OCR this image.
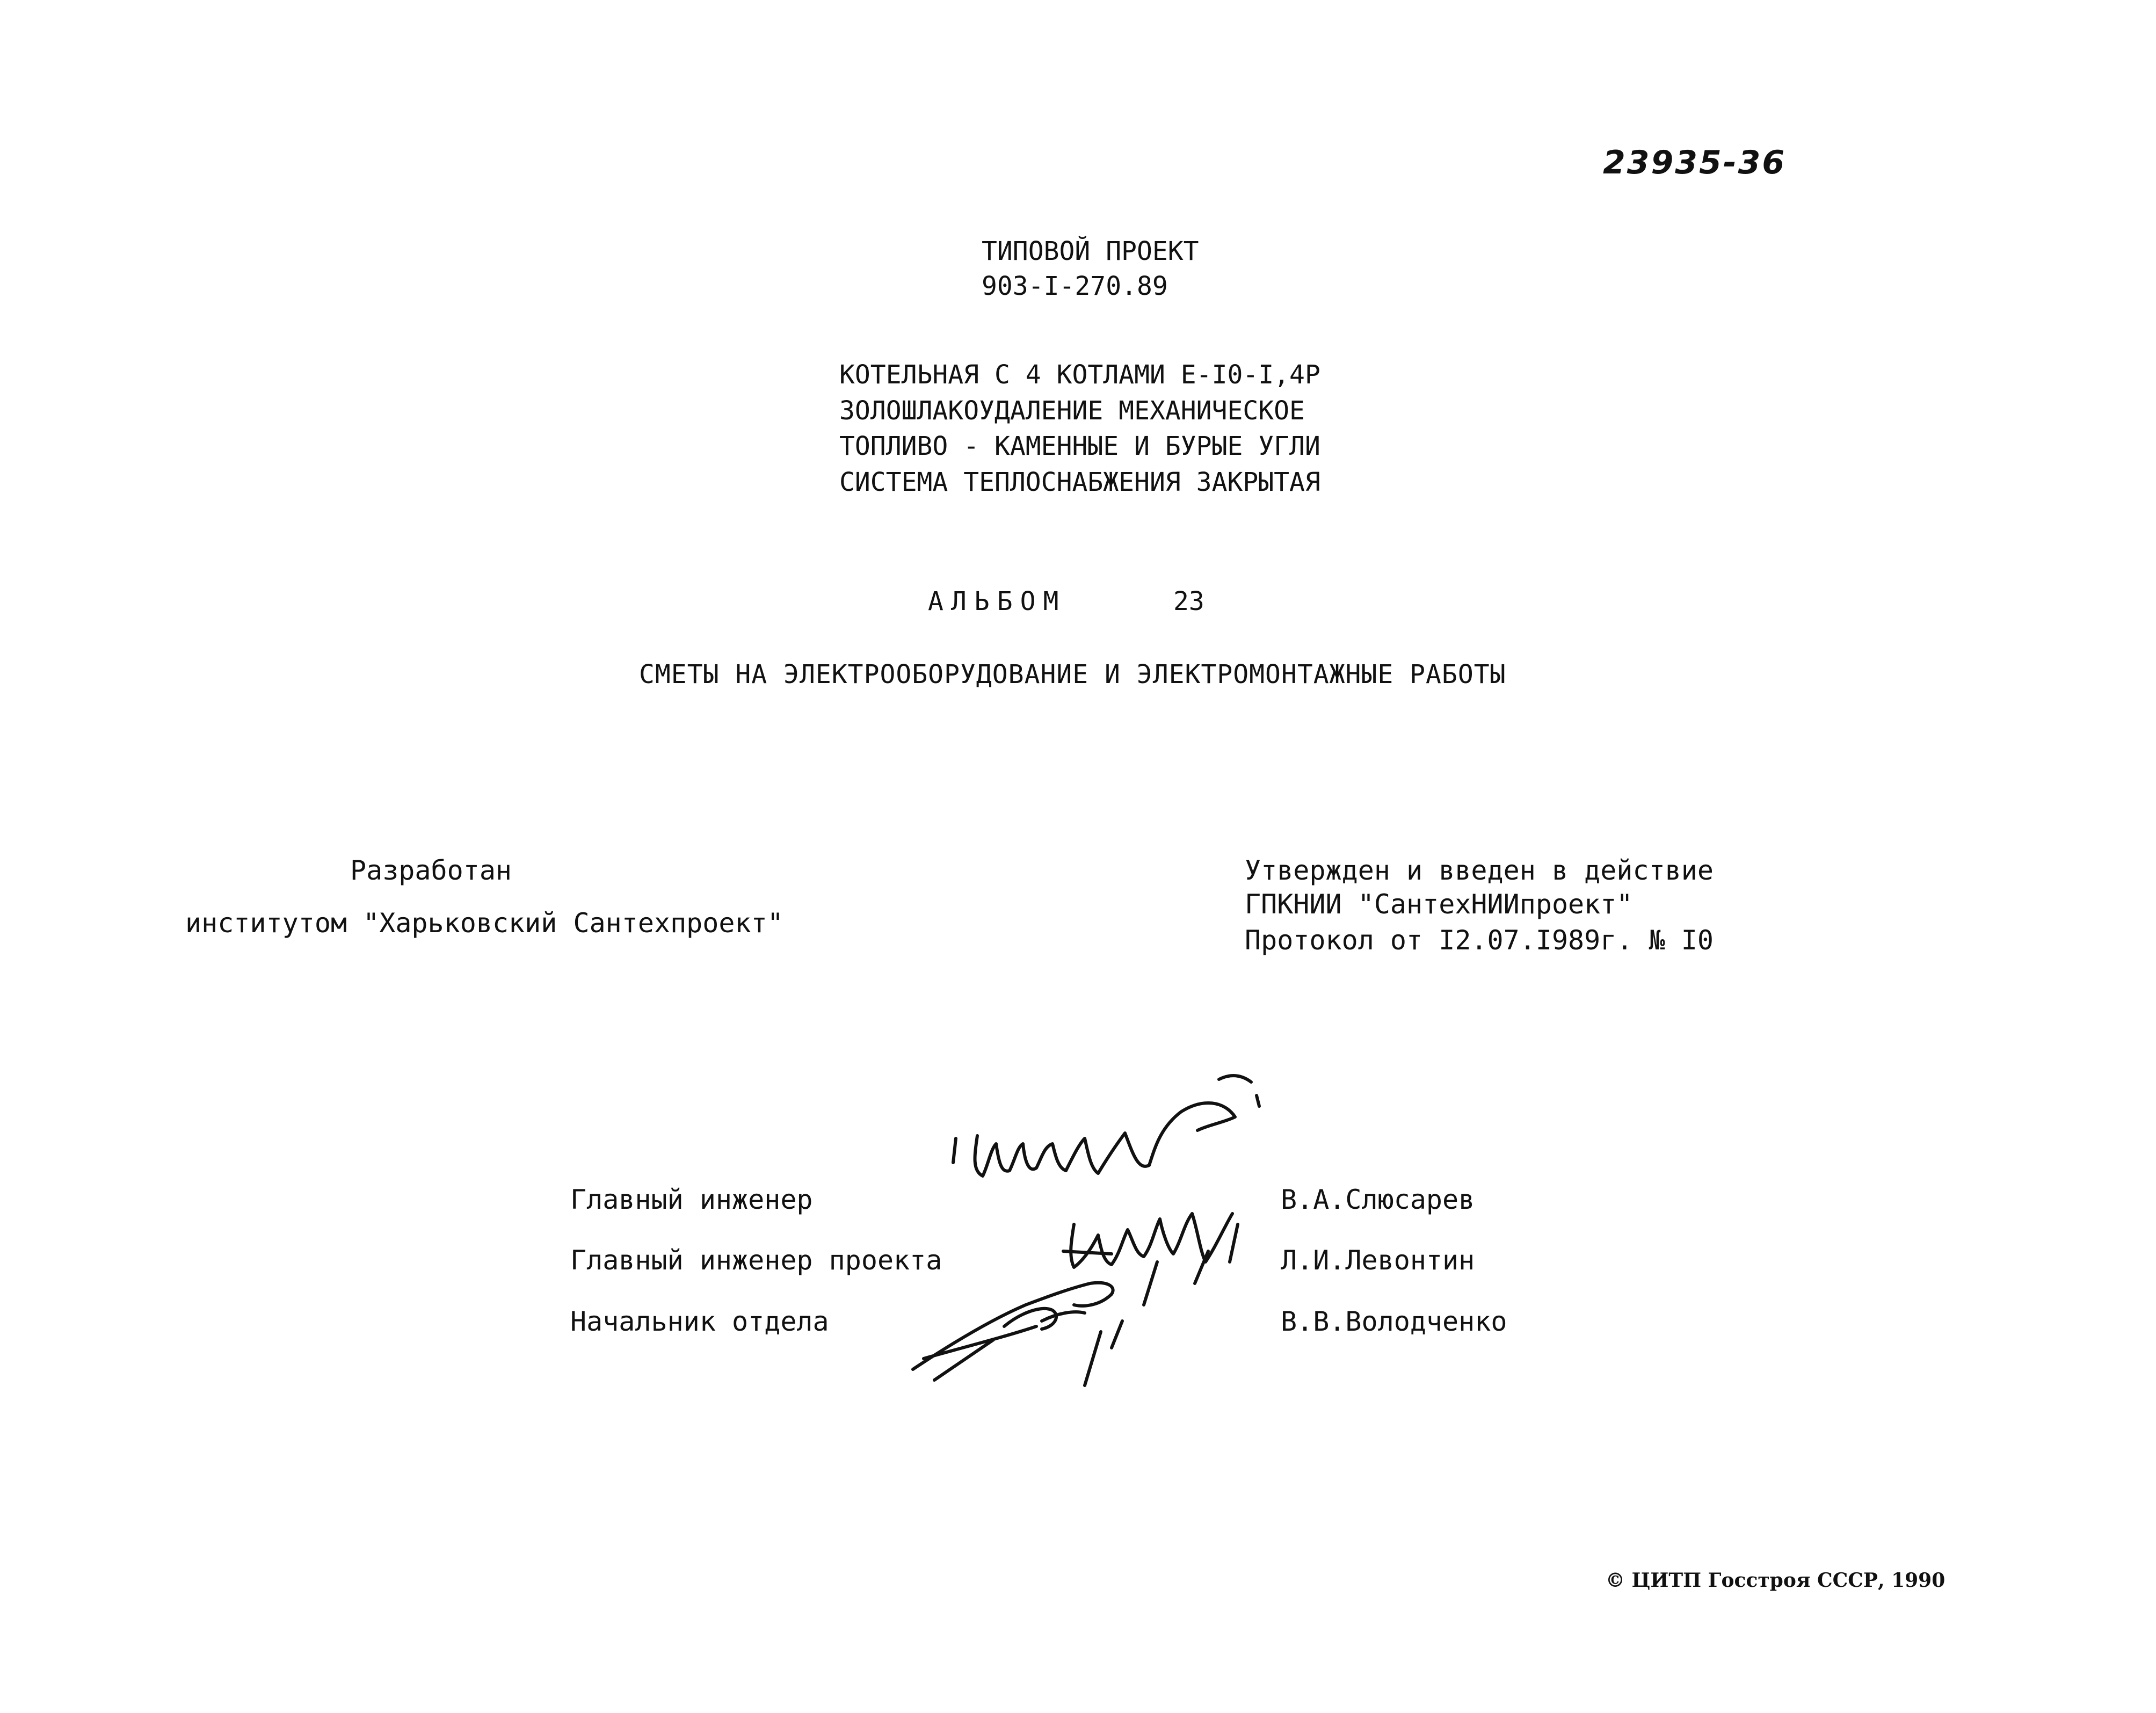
23935-36
ТИПОВОЙ ПРОЕКТ
903-I-270.89
КОТЕЛЬНАЯ С 4 КОТЛАМИ Е-I0-I,4Р
ЗОЛОШЛАКОУДАЛЕНИЕ МЕХАНИЧЕСКОЕ
ТОПЛИВО - КАМЕННЫЕ И БУРЫЕ УГЛИ
СИСТЕМА ТЕПЛОСНАБЖЕНИЯ ЗАКРЫТАЯ
АЛЬБОМ	23
СМЕТЫ НА ЭЛЕКТРООБОРУДОВАНИЕ И ЭЛЕКТРОМОНТАЖНЫЕ РАБОТЫ
Разработан
институтом "Харьковский Сантехпроект"
Утвержден и введен в действие
ГПКНИИ "СантехНИИпроект"
Протокол от I2.07.I989г. № I0
Главный инженер
Главный инженер проекта
Начальник отдела
В.А.Слюсарев
Л.И.Левонтин
В.В.Володченко
© ЦИТП Госстроя СССР, 1990
